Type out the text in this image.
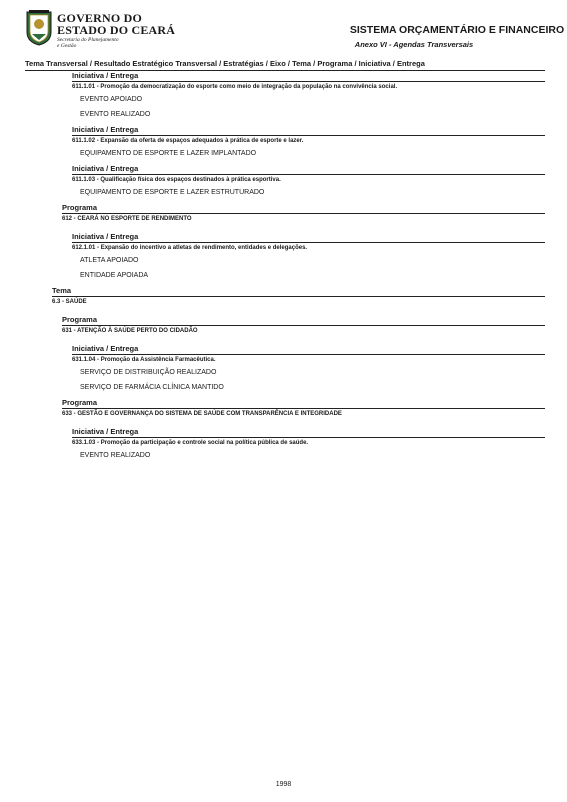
GOVERNO DO
ESTADO DO CEARÁ
Secretaria do Planejamento
e Gestão
SISTEMA ORÇAMENTÁRIO E FINANCEIRO
Anexo VI - Agendas Transversais
Tema Transversal / Resultado Estratégico Transversal / Estratégias / Eixo / Tema / Programa / Iniciativa / Entrega
Iniciativa / Entrega
611.1.01 - Promoção da democratização do esporte como meio de integração da população na convivência social.
EVENTO APOIADO
EVENTO REALIZADO
Iniciativa / Entrega
611.1.02 - Expansão da oferta de espaços adequados à prática de esporte e lazer.
EQUIPAMENTO DE ESPORTE E LAZER IMPLANTADO
Iniciativa / Entrega
611.1.03 - Qualificação física dos espaços destinados à prática esportiva.
EQUIPAMENTO DE ESPORTE E LAZER ESTRUTURADO
Programa
612 - CEARÁ NO ESPORTE DE RENDIMENTO
Iniciativa / Entrega
612.1.01 - Expansão do incentivo a atletas de rendimento, entidades e delegações.
ATLETA APOIADO
ENTIDADE APOIADA
Tema
6.3 - SAÚDE
Programa
631 - ATENÇÃO À SAÚDE PERTO DO CIDADÃO
Iniciativa / Entrega
631.1.04 - Promoção da Assistência Farmacêutica.
SERVIÇO DE DISTRIBUIÇÃO REALIZADO
SERVIÇO DE FARMÁCIA CLÍNICA MANTIDO
Programa
633 - GESTÃO E GOVERNANÇA DO SISTEMA DE SAÚDE COM TRANSPARÊNCIA E INTEGRIDADE
Iniciativa / Entrega
633.1.03 - Promoção da participação e controle social na política pública de saúde.
EVENTO REALIZADO
1998
